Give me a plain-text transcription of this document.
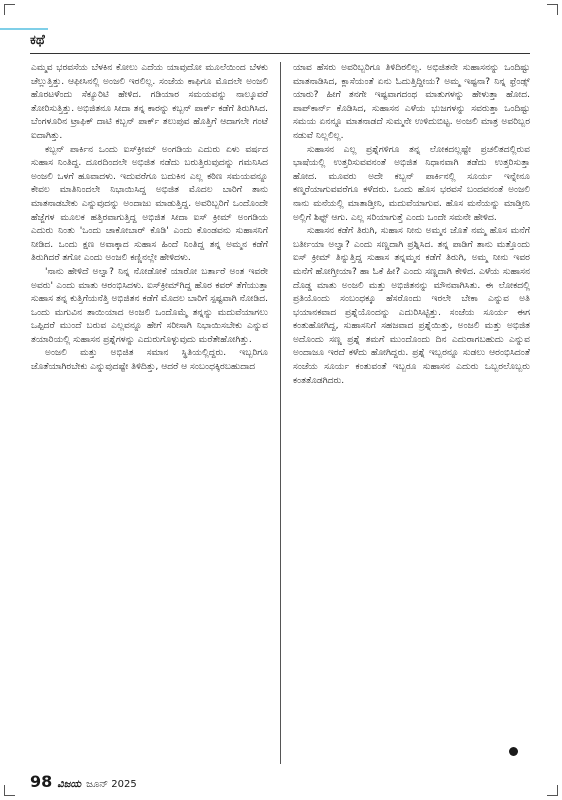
ಕಥೆ

ಎಮ್ಮವ ಭರವಸೆಯ ಬೆಳಕಿನ ಕೋಲು ಎದೆಯ ಯಾವುದೋ ಮೂಲೆಯಿಂದ ಬೆಳಕು ಚೆಲ್ಲುತ್ತಿತ್ತು. ಆಫೀಸಿನಲ್ಲಿ ಅಂಜಲಿ ಇರಲಿಲ್ಲ. ಸಂಜೆಯ ಕಾಫಿಗೂ ಮೊದಲೇ ಅಂಜಲಿ ಹೊರಟಳೆಂದು ಸೆಕ್ಯೂರಿಟಿ ಹೇಳಿದ. ಗಡಿಯಾರ ಸಮಯವನ್ನು ನಾಲ್ಕೂವರೆ ತೋರಿಸುತ್ತಿತ್ತು. ಅಭಿಜಿತನೂ ಸೀದಾ ತನ್ನ ಕಾರನ್ನು ಕಬ್ಬನ್ ಪಾರ್ಕ್ ಕಡೆಗೆ ತಿರುಗಿಸಿದ. ಬೆಂಗಳೂರಿನ ಟ್ರಾಫಿಕ್ ದಾಟಿ ಕಬ್ಬನ್ ಪಾರ್ಕ್ ತಲುಪುವ ಹೊತ್ತಿಗೆ ಆದಾಗಲೇ ಗಂಟೆ ಐದಾಗಿತ್ತು.

ಕಬ್ಬನ್ ಪಾರ್ಕಿನ ಒಂದು ಐಸ್‌ಕ್ರೀಮ್ ಅಂಗಡಿಯ ಎದುರು ಏಳು ವರ್ಷದ ಸುಹಾಸ ನಿಂತಿದ್ದ. ದೂರದಿಂದಲೇ ಅಭಿಜಿತ ನಡೆದು ಬರುತ್ತಿರುವುದನ್ನು ಗಮನಿಸಿದ ಅಂಜಲಿ ಒಳಗೆ ಹೂವಾದಳು. ಇದುವರೆಗೂ ಬದುಕಿನ ಎಲ್ಲ ಕಠಿಣ ಸಮಯವನ್ನೂ ಕೇವಲ ಮಾತಿನಿಂದಲೇ ನಿಭಾಯಿಸಿದ್ದ ಅಭಿಜಿತ ಮೊದಲ ಬಾರಿಗೆ ತಾನು ಮಾತನಾಡಬೇಕು ಎನ್ನುವುದನ್ನು ಅಂದಾಜು ಮಾಡುತ್ತಿದ್ದ. ಅವರಿಬ್ಬರಿಗೆ ಒಂದೊಂದೇ ಹೆಜ್ಜೆಗಳ ಮೂಲಕ ಹತ್ತಿರವಾಗುತ್ತಿದ್ದ ಅಭಿಜಿತ ಸೀದಾ ಐಸ್ ಕ್ರೀಮ್ ಅಂಗಡಿಯ ಎದುರು ನಿಂತು 'ಒಂದು ಚಾಕೋಬಾರ್ ಕೊಡಿ' ಎಂದು ಕೊಂಡವನು ಸುಹಾಸನಿಗೆ ನೀಡಿದ. ಒಂದು ಕ್ಷಣ ಅವಾಕ್ಕಾದ ಸುಹಾಸ ಹಿಂದೆ ನಿಂತಿದ್ದ ತನ್ನ ಅಮ್ಮನ ಕಡೆಗೆ ತಿರುಗಿದರೆ ತಗೋ ಎಂದು ಅಂಜಲಿ ಕಣ್ಣಿನಲ್ಲೇ ಹೇಳಿದಳು.

'ನಾನು ಹೇಳಿದೆ ಅಲ್ವಾ? ನಿನ್ನ ನೋಡೋಕೆ ಯಾರೋ ಬರ್ತಾರೆ ಅಂತ ಇವರೇ ಅವರು' ಎಂದು ಮಾತು ಆರಂಭಿಸಿದಳು. ಐಸ್‌ಕ್ರೀಮ್‌ಗಿದ್ದ ಹೊರ ಕವರ್ ತೆಗೆಯುತ್ತಾ ಸುಹಾಸ ತನ್ನ ಕುತ್ತಿಗೆಯನೆತ್ತಿ ಅಭಿಜಿತನ ಕಡೆಗೆ ಮೊದಲ ಬಾರಿಗೆ ಸ್ಪಷ್ಟವಾಗಿ ನೋಡಿದ. ಒಂದು ಮಗುವಿನ ತಾಯಿಯಾದ ಅಂಜಲಿ ಒಂದೊಮ್ಮೆ ತನ್ನನ್ನು ಮದುವೆಯಾಗಲು ಒಪ್ಪಿದರೆ ಮುಂದೆ ಬರುವ ಎಲ್ಲವನ್ನೂ ಹೇಗೆ ಸರೀಸಾಗಿ ನಿಭಾಯಿಸಬೇಕು ಎನ್ನುವ ತಯಾರಿಯಲ್ಲಿ ಸುಹಾಸನ ಪ್ರಶ್ನೆಗಳನ್ನು ಎದುರುಗೊಳ್ಳುವುದು ಮರೆತೇಹೋಗಿತ್ತು.

ಅಂಜಲಿ ಮತ್ತು ಅಭಿಜಿತ ಸಮಾನ ಸ್ಥಿತಿಯಲ್ಲಿದ್ದರು. ಇಬ್ಬರಿಗೂ ಜೊತೆಯಾಗಿರಬೇಕು ಎನ್ನುವುದಷ್ಟೇ ತಿಳಿದಿತ್ತು, ಆದರೆ ಆ ಸಂಬಂಧಕ್ಕಿರಬಹುದಾದ

ಯಾವ ಹೆಸರು ಅವರಿಬ್ಬರಿಗೂ ತಿಳಿದಿರಲಿಲ್ಲ. ಅಭಿಜಿತನೇ ಸುಹಾಸನನ್ನು ಒಂದಿಷ್ಟು ಮಾತನಾಡಿಸಿದ, ಕ್ಲಾಸೆಯಂತೆ ಏನು ಓದುತ್ತಿದ್ದೀಯ? ಅಮ್ಮ ಇಷ್ಟನಾ? ನಿನ್ನ ಫ್ರೆಂಡ್ಸ್ ಯಾರು? ಹೀಗೆ ತನಗೇ ಇಷ್ಟವಾಗದಂಥ ಮಾತುಗಳನ್ನು ಹೇಳುತ್ತಾ ಹೋದ. ಪಾಪ್‌ಕಾರ್ನ್ ಕೊಡಿಸಿದ, ಸುಹಾಸನ ಎಳೆಯ ಭುಜಗಳನ್ನು ಸವರುತ್ತಾ ಒಂದಿಷ್ಟು ಸಮಯ ಏನನ್ನೂ ಮಾತನಾಡದೆ ಸುಮ್ಮನೇ ಉಳಿದುಬಿಟ್ಟ. ಅಂಜಲಿ ಮಾತ್ರ ಅವರಿಬ್ಬರ ನಡುವೆ ನಿಲ್ಲಲಿಲ್ಲ.

ಸುಹಾಸನ ಎಲ್ಲ ಪ್ರಶ್ನೆಗಳಿಗೂ ತನ್ನ ಲೋಕದಲ್ಲಷ್ಟೇ ಪ್ರಚಲಿತದಲ್ಲಿರುವ ಭಾಷೆಯಲ್ಲಿ ಉತ್ತರಿಸುವವನಂತೆ ಅಭಿಜಿತ ನಿಧಾನವಾಗಿ ತಡೆದು ಉತ್ತರಿಸುತ್ತಾ ಹೋದ. ಮೂವರು ಅದೇ ಕಬ್ಬನ್ ಪಾರ್ಕಿನಲ್ಲಿ ಸೂರ್ಯ ಇನ್ನೇನೂ ಕಣ್ಮರೆಯಾಗುವವರೆಗೂ ಕಳೆದರು. ಒಂದು ಹೊಸ ಭರವಸೆ ಬಂದವನಂತೆ ಅಂಜಲಿ ನಾನು ಮನೆಯಲ್ಲಿ ಮಾತಾಡ್ತೀನಿ, ಮದುವೆಯಾಗುವ. ಹೊಸ ಮನೆಯನ್ನು ಮಾಡ್ತೀನಿ ಅಲ್ಲಿಗೆ ಶಿಫ್ಟ್ ಆಗು. ಎಲ್ಲ ಸರಿಯಾಗುತ್ತೆ ಎಂದು ಒಂದೇ ಸಮನೇ ಹೇಳಿದ.

ಸುಹಾಸನ ಕಡೆಗೆ ತಿರುಗಿ, ಸುಹಾಸ ನೀನು ಅಮ್ಮನ ಜೊತೆ ನಮ್ಮ ಹೊಸ ಮನೆಗೆ ಬರ್ತೀಯಾ ಅಲ್ವಾ? ಎಂದು ಸಣ್ಣದಾಗಿ ಪ್ರಶ್ನಿಸಿದ. ತನ್ನ ಪಾಡಿಗೆ ತಾನು ಮತ್ತೊಂದು ಐಸ್ ಕ್ರೀಮ್ ತಿನ್ನುತ್ತಿದ್ದ ಸುಹಾಸ ತನ್ನಮ್ಮನ ಕಡೆಗೆ ತಿರುಗಿ, ಅಮ್ಮ ನೀನು ಇವರ ಮನೆಗೆ ಹೋಗ್ತೀಯಾ? ಹಾ ಓಕೆ ಹೀ? ಎಂದು ಸಣ್ಣದಾಗಿ ಕೇಳಿದ. ಎಳೆಯ ಸುಹಾಸನ ದೊಡ್ಡ ಮಾತು ಅಂಜಲಿ ಮತ್ತು ಅಭಿಜಿತನನ್ನು ಮೌನವಾಗಿಸಿತು. ಈ ಲೋಕದಲ್ಲಿ ಪ್ರತಿಯೊಂದು ಸಂಬಂಧಕ್ಕೂ ಹೆಸರೊಂದು ಇರಲೇ ಬೇಕಾ ಎನ್ನುವ ಅತಿ ಭಯಾನಕವಾದ ಪ್ರಶ್ನೆಯೊಂದನ್ನು ಎದುರಿಸಿಟ್ಟಿತ್ತು. ಸಂಜೆಯ ಸೂರ್ಯ ಈಗ ಕಂತುಹೋಗಿದ್ದ, ಸುಹಾಸನಿಗೆ ಸಹಜವಾದ ಪ್ರಶ್ನೆಯಿತ್ತು, ಅಂಜಲಿ ಮತ್ತು ಅಭಿಜಿತ ಅದೊಂದು ಸಣ್ಣ ಪ್ರಶ್ನೆ ತಮಗೆ ಮುಂದೊಂದು ದಿನ ಎದುರಾಗಬಹುದು ಎನ್ನುವ ಅಂದಾಜೂ ಇರದೆ ಕಳೆದು ಹೋಗಿದ್ದರು. ಪ್ರಶ್ನೆ ಇಬ್ಬರನ್ನೂ ಸುಡಲು ಆರಂಭಿಸಿದಂತೆ ಸಂಜೆಯ ಸೂರ್ಯ ಕಂತುವಂತೆ ಇಬ್ಬರೂ ಸುಹಾಸನ ಎದುರು ಒಬ್ಬರಲೊಬ್ಬರು ಕಂತತೊಡಗಿದರು.

98 ವಿಜಯ ಜೂನ್ 2025
